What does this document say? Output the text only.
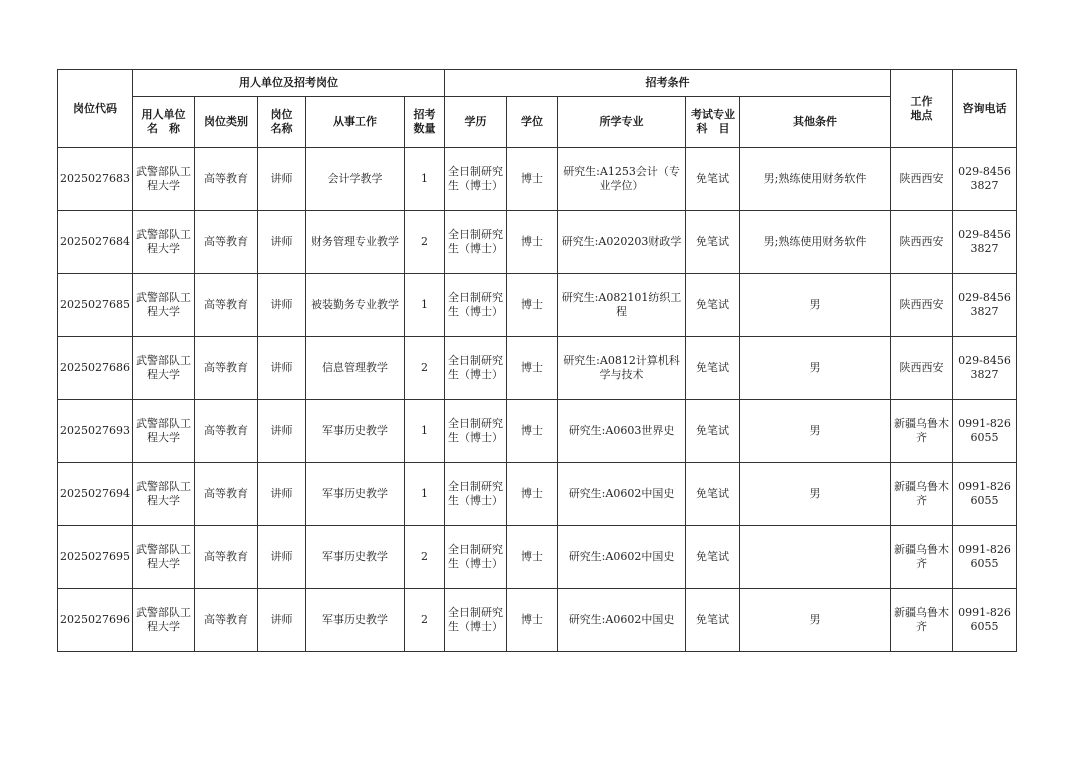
岗位代码	用人单位及招考岗位					招考条件					工作地点	咨询电话

	用人单位名　称	岗位类别	岗位名称	从事工作	招考数量	学历	学位	所学专业	考试专业科　目	其他条件		
2025027683	武警部队工程大学	高等教育	讲师	会计学教学	1	全日制研究生（博士）	博士	研究生:A1253会计（专业学位）	免笔试	男;熟练使用财务软件	陕西西安	029-84563827
2025027684	武警部队工程大学	高等教育	讲师	财务管理专业教学	2	全日制研究生（博士）	博士	研究生:A020203财政学	免笔试	男;熟练使用财务软件	陕西西安	029-84563827
2025027685	武警部队工程大学	高等教育	讲师	被装勤务专业教学	1	全日制研究生（博士）	博士	研究生:A082101纺织工程	免笔试	男	陕西西安	029-84563827
2025027686	武警部队工程大学	高等教育	讲师	信息管理教学	2	全日制研究生（博士）	博士	研究生:A0812计算机科学与技术	免笔试	男	陕西西安	029-84563827
2025027693	武警部队工程大学	高等教育	讲师	军事历史教学	1	全日制研究生（博士）	博士	研究生:A0603世界史	免笔试	男	新疆乌鲁木齐	0991-8266055
2025027694	武警部队工程大学	高等教育	讲师	军事历史教学	1	全日制研究生（博士）	博士	研究生:A0602中国史	免笔试	男	新疆乌鲁木齐	0991-8266055
2025027695	武警部队工程大学	高等教育	讲师	军事历史教学	2	全日制研究生（博士）	博士	研究生:A0602中国史	免笔试		新疆乌鲁木齐	0991-8266055
2025027696	武警部队工程大学	高等教育	讲师	军事历史教学	2	全日制研究生（博士）	博士	研究生:A0602中国史	免笔试	男	新疆乌鲁木齐	0991-8266055
